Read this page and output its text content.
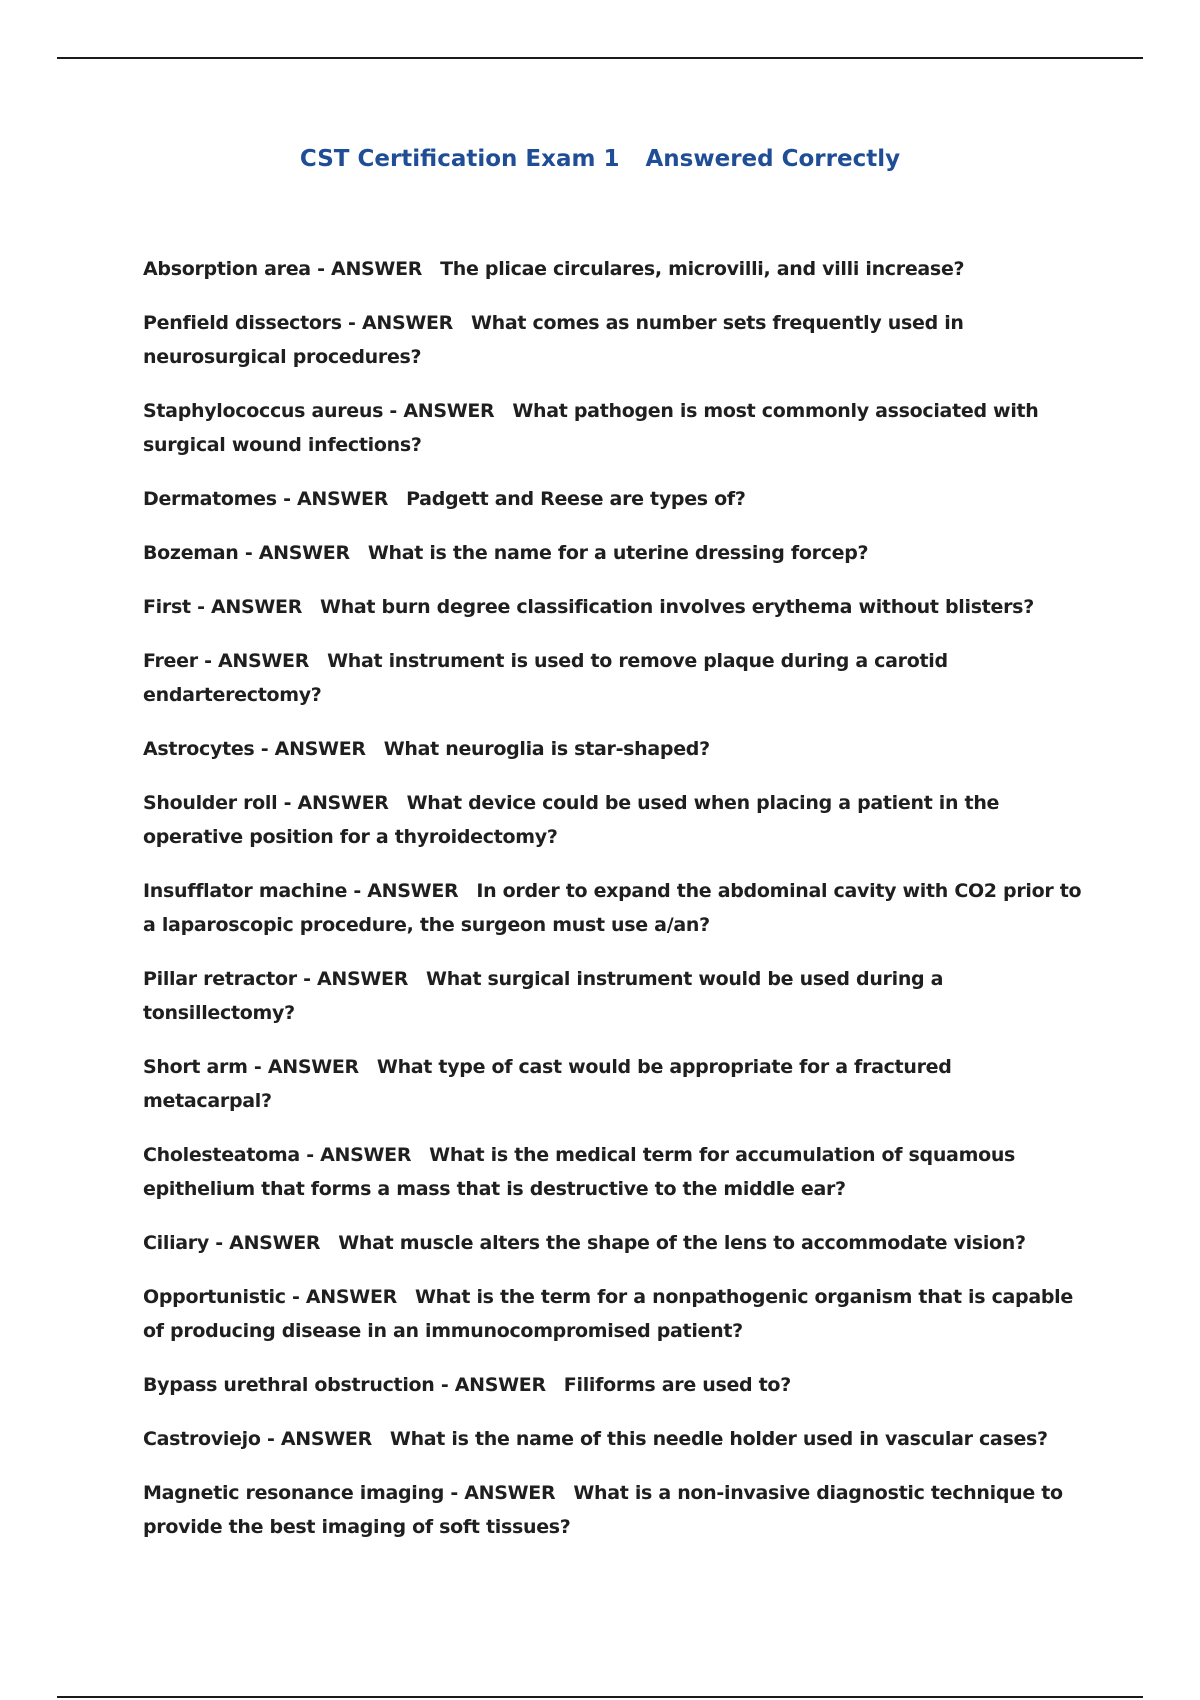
CST Certification Exam 1 Answered Correctly

Absorption area - ANSWER The plicae circulares, microvilli, and villi increase?

Penfield dissectors - ANSWER What comes as number sets frequently used in neurosurgical procedures?

Staphylococcus aureus - ANSWER What pathogen is most commonly associated with surgical wound infections?

Dermatomes - ANSWER Padgett and Reese are types of?

Bozeman - ANSWER What is the name for a uterine dressing forcep?

First - ANSWER What burn degree classification involves erythema without blisters?

Freer - ANSWER What instrument is used to remove plaque during a carotid endarterectomy?

Astrocytes - ANSWER What neuroglia is star-shaped?

Shoulder roll - ANSWER What device could be used when placing a patient in the operative position for a thyroidectomy?

Insufflator machine - ANSWER In order to expand the abdominal cavity with CO2 prior to a laparoscopic procedure, the surgeon must use a/an?

Pillar retractor - ANSWER What surgical instrument would be used during a tonsillectomy?

Short arm - ANSWER What type of cast would be appropriate for a fractured metacarpal?

Cholesteatoma - ANSWER What is the medical term for accumulation of squamous epithelium that forms a mass that is destructive to the middle ear?

Ciliary - ANSWER What muscle alters the shape of the lens to accommodate vision?

Opportunistic - ANSWER What is the term for a nonpathogenic organism that is capable of producing disease in an immunocompromised patient?

Bypass urethral obstruction - ANSWER Filiforms are used to?

Castroviejo - ANSWER What is the name of this needle holder used in vascular cases?

Magnetic resonance imaging - ANSWER What is a non-invasive diagnostic technique to provide the best imaging of soft tissues?
